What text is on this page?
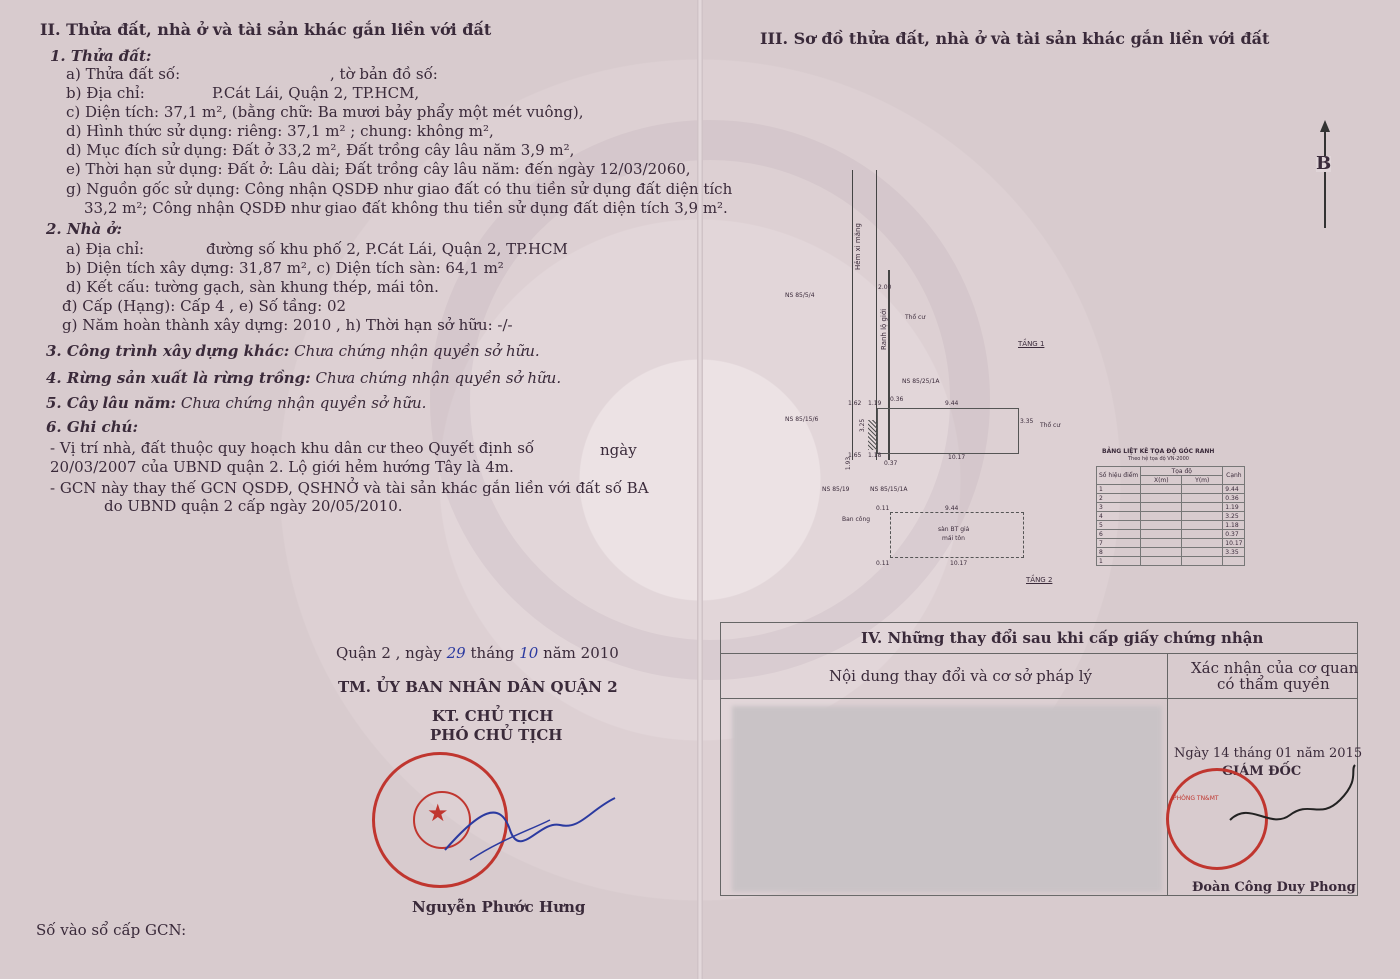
II. Thửa đất, nhà ở và tài sản khác gắn liền với đất
1. Thửa đất:
a) Thửa đất số:	, tờ bản đồ số:
b) Địa chỉ:	P.Cát Lái, Quận 2, TP.HCM,
c) Diện tích: 37,1 m², (bằng chữ: Ba mươi bảy phẩy một mét vuông),
d) Hình thức sử dụng: riêng: 37,1 m² ; chung: không m²,
d) Mục đích sử dụng: Đất ở 33,2 m², Đất trồng cây lâu năm 3,9 m²,
e) Thời hạn sử dụng: Đất ở: Lâu dài; Đất trồng cây lâu năm: đến ngày 12/03/2060,
g) Nguồn gốc sử dụng: Công nhận QSDĐ như giao đất có thu tiền sử dụng đất diện tích
33,2 m²; Công nhận QSDĐ như giao đất không thu tiền sử dụng đất diện tích 3,9 m².
2. Nhà ở:
a) Địa chỉ:	đường số khu phố 2, P.Cát Lái, Quận 2, TP.HCM
b) Diện tích xây dựng: 31,87 m², c) Diện tích sàn: 64,1 m²
d) Kết cấu: tường gạch, sàn khung thép, mái tôn.
đ) Cấp (Hạng): Cấp 4 , e) Số tầng: 02
g) Năm hoàn thành xây dựng: 2010 , h) Thời hạn sở hữu: -/-
3. Công trình xây dựng khác: Chưa chứng nhận quyền sở hữu.
4. Rừng sản xuất là rừng trồng: Chưa chứng nhận quyền sở hữu.
5. Cây lâu năm: Chưa chứng nhận quyền sở hữu.
6. Ghi chú:
- Vị trí nhà, đất thuộc quy hoạch khu dân cư theo Quyết định số	ngày
20/03/2007 của UBND quận 2. Lộ giới hẻm hướng Tây là 4m.
- GCN này thay thế GCN QSDĐ, QSHNỞ và tài sản khác gắn liền với đất số BA
do UBND quận 2 cấp ngày 20/05/2010.
Quận 2 , ngày 29 tháng 10 năm 2010
TM. ỦY BAN NHÂN DÂN QUẬN 2
KT. CHỦ TỊCH
PHÓ CHỦ TỊCH
★
Nguyễn Phước Hưng
Số vào sổ cấp GCN:
III. Sơ đồ thửa đất, nhà ở và tài sản khác gắn liền với đất
B
Hẻm xi măng
Ranh lộ giới
NS 85/5/4
2.00
Thổ cư
TẦNG 1
NS 85/25/1A
0.36
1.62 1.19	9.44
NS 85/15/6	3.35
Thổ cư
1.65 1.18
0.37
10.17
3.25
1.93
NS 85/19	NS 85/15/1A
0.11	9.44
Ban công
sàn BT giả
mái tôn
0.11	10.17
TẦNG 2
BẢNG LIỆT KÊ TỌA ĐỘ GÓC RANH
Theo hệ tọa độ VN-2000
Số hiệu điểm	Tọa độ		Cạnh
	X(m)	Y(m)	
1			9.44
2			0.36
3			1.19
4			3.25
5			1.18
6			0.37
7			10.17
8			3.35
1			
IV. Những thay đổi sau khi cấp giấy chứng nhận
Nội dung thay đổi và cơ sở pháp lý	Xác nhận của cơ quan
có thẩm quyền
Ngày 14 tháng 01 năm 2015
GIÁM ĐỐC
PHÒNG TN&MT
Đoàn Công Duy Phong
